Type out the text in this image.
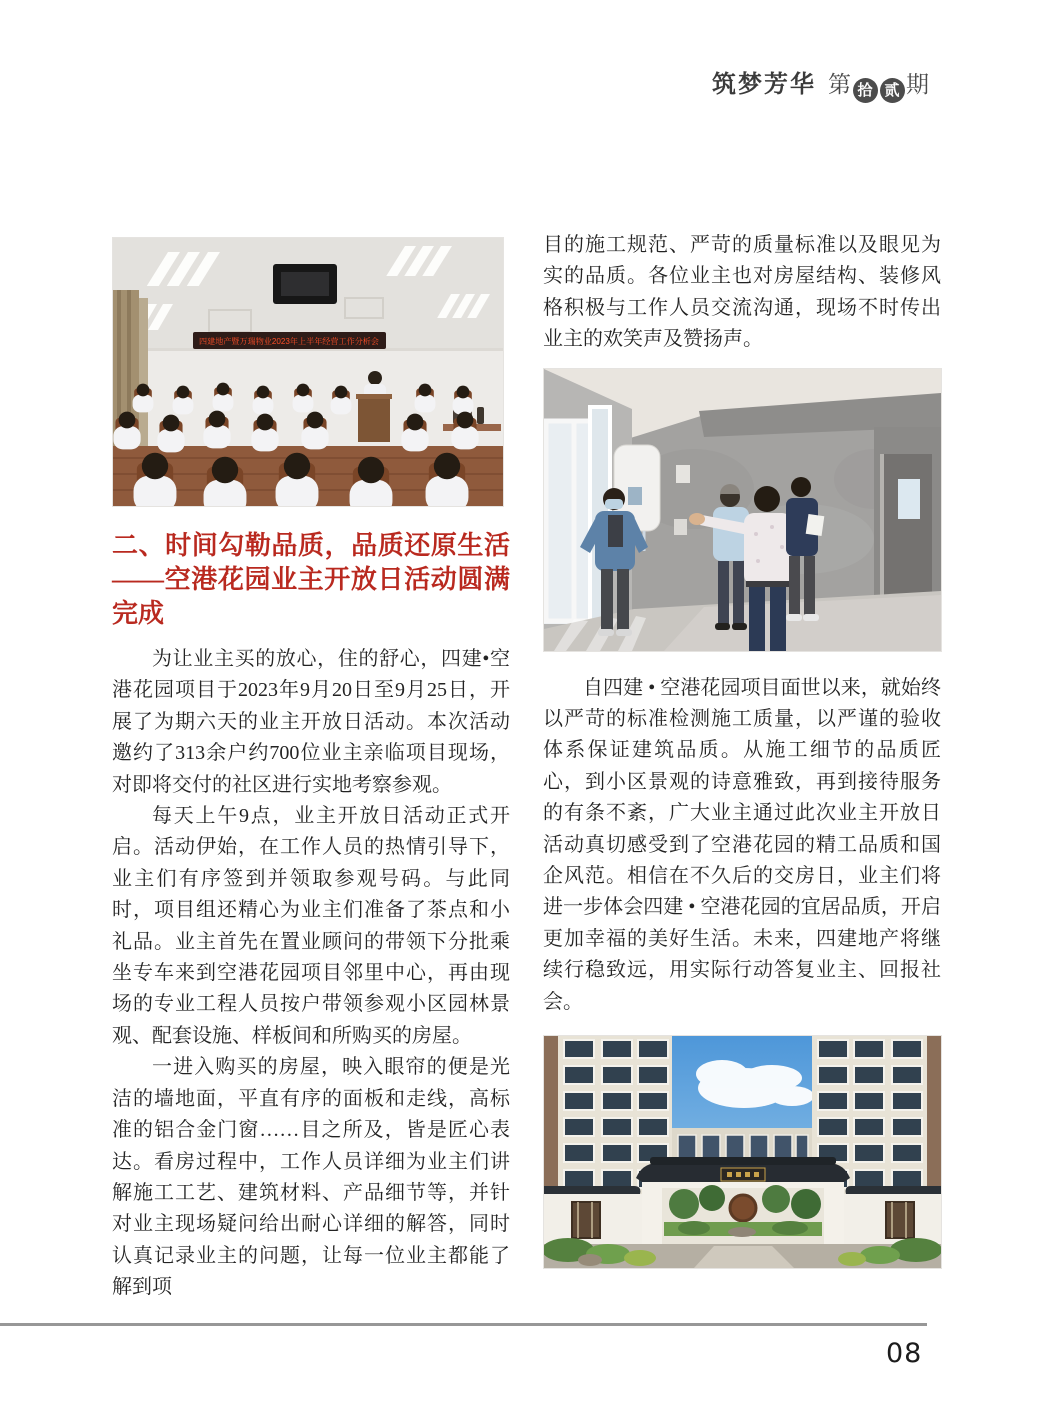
筑梦芳华 第 拾 贰 期
四建地产暨万瑞物业2023年上半年经营工作分析会
二、时间勾勒品质，品质还原生活——空港花园业主开放日活动圆满完成

为让业主买的放心，住的舒心，四建•空港花园项目于2023年9月20日至9月25日，开展了为期六天的业主开放日活动。本次活动邀约了313余户约700位业主亲临项目现场，对即将交付的社区进行实地考察参观。

每天上午9点，业主开放日活动正式开启。活动伊始，在工作人员的热情引导下，业主们有序签到并领取参观号码。与此同时，项目组还精心为业主们准备了茶点和小礼品。业主首先在置业顾问的带领下分批乘坐专车来到空港花园项目邻里中心，再由现场的专业工程人员按户带领参观小区园林景观、配套设施、样板间和所购买的房屋。

一进入购买的房屋，映入眼帘的便是光洁的墙地面，平直有序的面板和走线，高标准的铝合金门窗……目之所及，皆是匠心表达。看房过程中，工作人员详细为业主们讲解施工工艺、建筑材料、产品细节等，并针对业主现场疑问给出耐心详细的解答，同时认真记录业主的问题，让每一位业主都能了解到项

目的施工规范、严苛的质量标准以及眼见为实的品质。各位业主也对房屋结构、装修风格积极与工作人员交流沟通，现场不时传出业主的欢笑声及赞扬声。

自四建 • 空港花园项目面世以来，就始终以严苛的标准检测施工质量，以严谨的验收体系保证建筑品质。从施工细节的品质匠心，到小区景观的诗意雅致，再到接待服务的有条不紊，广大业主通过此次业主开放日活动真切感受到了空港花园的精工品质和国企风范。相信在不久后的交房日，业主们将进一步体会四建 • 空港花园的宜居品质，开启更加幸福的美好生活。未来，四建地产将继续行稳致远，用实际行动答复业主、回报社会。

08
